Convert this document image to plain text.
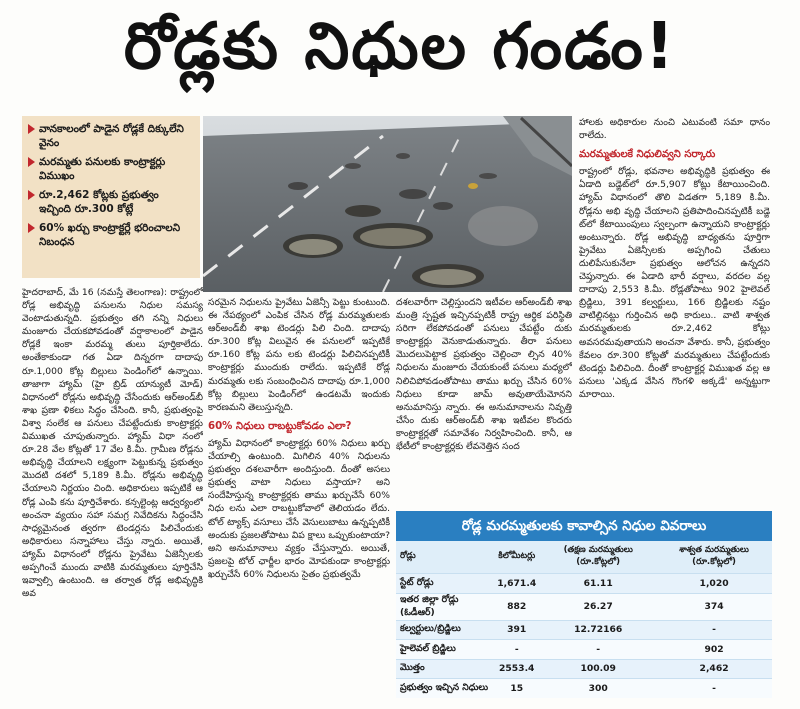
రోడ్లకు నిధుల గండం!
వానకాలంలో పాడైన రోడ్లకే దిక్కులేని వైనం
మరమ్మతు పనులకు కాంట్రాక్టర్లు విముఖం
రూ.2,462 కోట్లకు ప్రభుత్వం ఇచ్చింది రూ.300 కోట్లే
60% ఖర్చు కాంట్రాక్టర్లే భరించాలని నిబంధన
హైదరాబాద్, మే 16 (నమస్తే తెలంగాణ): రాష్ట్రంలో రోడ్ల అభివృద్ధి పనులను నిధుల సమస్య వెంటాడుతున్నది. ప్రభుత్వం తగి నన్ని నిధులు మంజూరు చేయకపోవడంతో వర్షాకాలంలో పాడైన రోడ్లకే ఇంకా మరమ్మ తులు పూర్తికాలేదు. అంతేకాకుండా గత ఏడా దిన్నరగా దాదాపు రూ.1,000 కోట్ల బిల్లులు పెండింగ్‌లో ఉన్నాయి. తాజాగా హ్యామ్ (హై బ్రిడ్ యాన్యుటీ మోడ్) విధానంలో రోడ్లను అభివృద్ధి చేసేందుకు ఆర్‌అండ్‌బీ శాఖ ప్రణా ళికలు సిద్ధం చేసింది. కానీ, ప్రభుత్వంపై విశ్వా సంలేక ఆ పనులు చేపట్టేందుకు కాంట్రాక్టర్లు విముఖత చూపుతున్నారు. హ్యామ్ విధా నంలో రూ.28 వేల కోట్లతో 17 వేల కి.మీ. గ్రామీణ రోడ్లను అభివృద్ధి చేయాలని లక్ష్యంగా పెట్టుకున్న ప్రభుత్వం మొదటి దశలో 5,189 కి.మీ. రోడ్లను అభివృద్ధి చేయాలని నిర్ణయం చింది. అధికారులు ఇప్పటికే ఆ రోడ్ల ఎంపి కను పూర్తిచేశారు. కన్సల్టెంట్ల ఆధ్వర్యంలో అంచనా వ్యయం సహా సమగ్ర నివేదికను సిద్ధంచేసి సాధ్యమైనంత త్వరగా టెండర్లను పిలిచేందుకు అధికారులు సన్నాహాలు చేస్తు న్నారు. అయితే, హ్యామ్ విధానంలో రోడ్లను ప్రైవేటు ఏజెన్సీలకు అప్పగించే ముందు వాటికి మరమ్మతులు పూర్తిచేసి ఇవ్వాల్సి ఉంటుంది. ఆ తర్వాత రోడ్ల అభివృద్ధికి అవ
సరమైన నిధులను ప్రైవేటు ఏజెన్సీ పెట్టు కుంటుంది. ఈ నేపథ్యంలో ఎంపిక చేసిన రోడ్ల మరమ్మతులకు ఆర్‌అండ్‌బీ శాఖ టెండర్లు పిలి చింది. దాదాపు రూ.300 కోట్ల విలువైన ఈ పనులలో ఇప్పటికే రూ.160 కోట్ల పను లకు టెండర్లు పిలిచినప్పటికీ కాంట్రాక్టర్లు ముందుకు రాలేదు. ఇప్పటికే రోడ్ల మరమ్మతు లకు సంబంధించిన దాదాపు రూ.1,000 కోట్ల బిల్లులు పెండింగ్‌లో ఉండటమే ఇందుకు కారణమని తెలుస్తున్నది.
60% నిధులు రాబట్టుకోవడం ఎలా?
హ్యామ్ విధానంలో కాంట్రాక్టర్లు 60% నిధులు ఖర్చు చేయాల్సి ఉంటుంది. మిగిలిన 40% నిధులను ప్రభుత్వం దశలవారీగా అందిస్తుంది. దీంతో అసలు ప్రభుత్వ వాటా నిధులు వస్తాయా? అని సందేహిస్తున్న కాంట్రాక్టర్లకు తాము ఖర్చుచేసే 60% నిధు లను ఎలా రాబట్టుకోవాలో తెలియడం లేదు. టోల్ ట్యాక్స్ వసూలు చేసే వెసులుబాటు ఉన్నప్పటికీ అందుకు ప్రజలతోపాటు విప క్షాలు ఒప్పుకుంటాయా? అని అనుమానాలు వ్యక్తం చేస్తున్నారు. అయితే, ప్రజలపై టోల్ ఛార్జీల భారం మోపకుండా కాంట్రాక్టర్లు ఖర్చుచేసే 60% నిధులను సైతం ప్రభుత్వమే
దశలవారీగా చెల్లిస్తుందని ఇటీవల ఆర్‌అండ్‌బీ శాఖ మంత్రి స్పష్టత ఇచ్చినప్పటికీ రాష్ట్ర ఆర్థిక పరిస్థితి సరిగా లేకపోవడంతో పనులు చేపట్టేం దుకు కాంట్రాక్టర్లు వెనుకాడుతున్నారు. తీరా పనులు మొదలుపెట్టాక ప్రభుత్వం చెల్లించా ల్సిన 40% నిధులను మంజూరు చేయకుంటే పనులు మధ్యలో నిలిచిపోవడంతోపాటు తాము ఖర్చు చేసిన 60% నిధులు కూడా జామ్ అవుతాయేమోనని అనుమానిస్తు న్నారు. ఈ అనుమానాలను నివృత్తి చేసేం దుకు ఆర్‌అండ్‌బీ శాఖ ఇటీవల కొందరు కాంట్రాక్టర్లతో సమావేశం నిర్వహించింది. కానీ, ఆ భేటీలో కాంట్రాక్టర్లకు లేవనెత్తిన సంద
హాలకు అధికారుల నుంచి ఎటువంటి సమా ధానం రాలేదు.
మరమ్మతులకే నిధులివ్వని సర్కారు
రాష్ట్రంలో రోడ్లు, భవనాల అభివృద్ధికి ప్రభుత్వం ఈ ఏడాది బడ్జెట్‌లో రూ.5,907 కోట్లు కేటాయించింది. హ్యామ్ విధానంలో తొలి విడతగా 5,189 కి.మీ. రోడ్లను అభి వృద్ధి చేయాలని ప్రతిపాదించినప్పటికీ బడ్జె ట్‌లో కేటాయింపులు స్వల్పంగా ఉన్నాయని కాంట్రాక్టర్లు అంటున్నారు. రోడ్ల అభివృద్ధి బాధ్యతను పూర్తిగా ప్రైవేటు ఏజెన్సీలకు అప్పగించి చేతులు దులిపేసుకునేలా ప్రభుత్వం ఆలోచన ఉన్నదని చెప్తున్నారు. ఈ ఏడాది భారీ వర్షాలు, వరదల వల్ల దాదాపు 2,553 కి.మీ. రోడ్లతోపాటు 902 హైలెవల్ బ్రిడ్జిలు, 391 కల్వర్టులు, 166 బ్రిడ్జిలకు నష్టం వాటిల్లినట్టు గుర్తించిన అధి కారులు.. వాటి శాశ్వత మరమ్మతులకు రూ.2,462 కోట్లు అవసరమవుతాయని అంచనా వేశారు. కానీ, ప్రభుత్వం కేవలం రూ.300 కోట్లతో మరమ్మతులు చేపట్టేందుకు టెండర్లు పిలిచింది. దీంతో కాంట్రాక్టర్ల విముఖత వల్ల ఆ పనులు 'ఎక్కడ వేసిన గొంగళి అక్కడే' అన్నట్టుగా మారాయి.
రోడ్ల మరమ్మతులకు కావాల్సిన నిధుల వివరాలు
రోడ్లు	కిలోమీటర్లు	(తక్షణ మరమ్మతులు (రూ.కోట్లలో)	శాశ్వత మరమ్మతులు (రూ.కోట్లలో)
స్టేట్ రోడ్లు	1,671.4	61.11	1,020
ఇతర జిల్లా రోడ్లు (ఓడీఆర్)	882	26.27	374
కల్వర్టులు/బ్రిడ్జిలు	391	12.72166	-
హైలెవల్ బ్రిడ్జిలు	-	-	902
మొత్తం	2553.4	100.09	2,462
ప్రభుత్వం ఇచ్చిన నిధులు	15	300	-
